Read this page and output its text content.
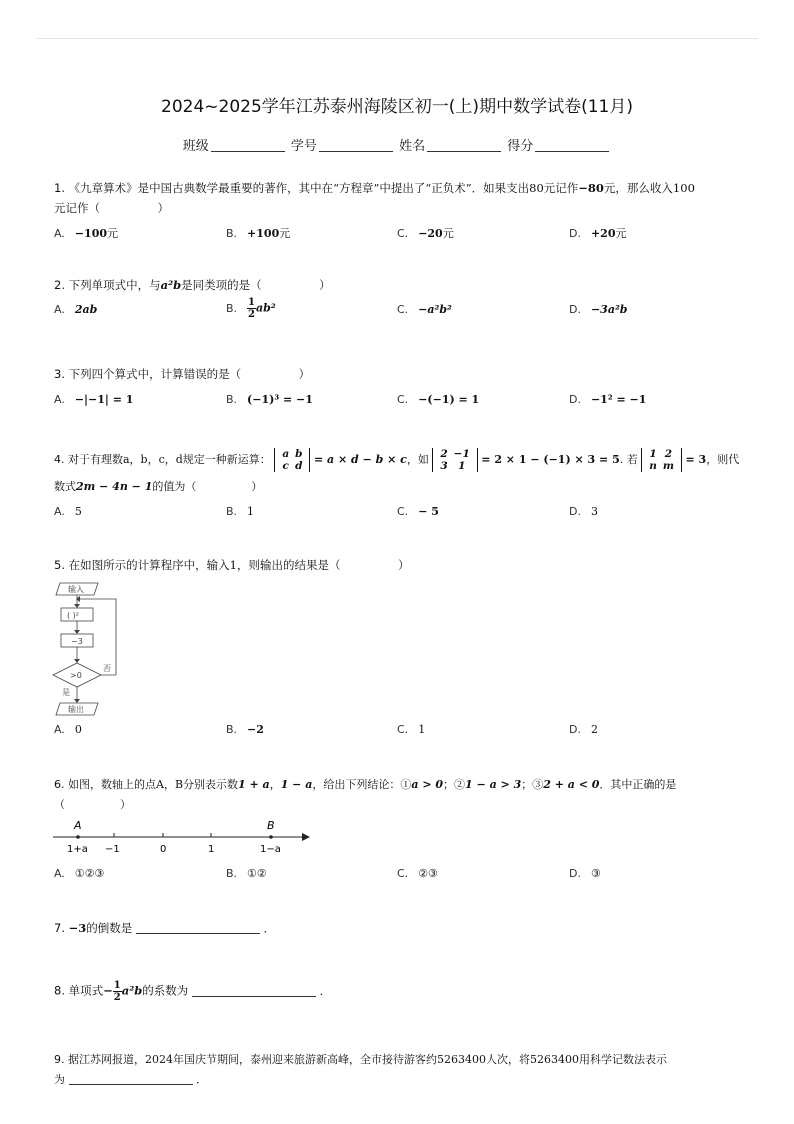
2024~2025学年江苏泰州海陵区初一(上)期中数学试卷(11月)
班级	学号	姓名	得分
1. 《九章算术》是中国古典数学最重要的著作，其中在“方程章”中提出了“正负术”．如果支出80元记作−80元，那么收入100
元记作（　　　　　）
A. −100元	B. +100元	C. −20元	D. +20元
2. 下列单项式中，与a²b是同类项的是（　　　　　）
A. 2ab	B. $\frac{1}{2} ab^2$	C. −a²b²	D. −3a²b
3. 下列四个算式中，计算错误的是（　　　　　）
A. −|−1| = 1	B. (−1)³ = −1	C. −(−1) = 1	D. −1² = −1
4. 对于有理数a，b，c，d规定一种新运算： a	b
c	d = a × d − b × c，如 2	−1
3	1 = 2 × 1 − (−1) × 3 = 5. 若 1	2
n	m = 3，则代
数式2m − 4n − 1的值为（　　　　　）
A. 5	B. 1	C. − 5	D. 3
5. 在如图所示的计算程序中，输入1，则输出的结果是（　　　　　）
输入
( )²
−3
>0
否
是
输出
A. 0	B. −2	C. 1	D. 2
6. 如图，数轴上的点A，B分别表示数1 + a，1 − a，给出下列结论：①a > 0；②1 − a > 3；③2 + a < 0．其中正确的是
（　　　　　）
A	B
1+a −1	0	1	1−a
A. ①②③	B. ①②	C. ②③	D. ③
7. −3的倒数是	．
8. 单项式− $\frac{1}{2} a^2b$的系数为	．
9. 据江苏网报道，2024年国庆节期间，泰州迎来旅游新高峰，全市接待游客约5263400人次，将5263400用科学记数法表示
为	．
